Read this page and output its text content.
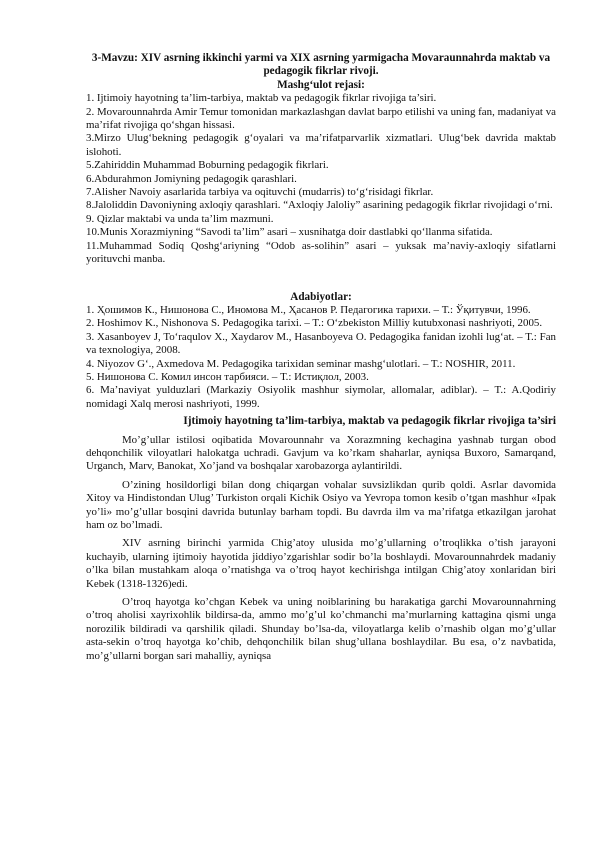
3-Mavzu: XIV asrning ikkinchi yarmi va XIX asrning yarmigacha Movaraunnahrda maktab va pedagogik fikrlar rivoji.
Mashg‘ulot rejasi:

1. Ijtimoiy hayotning ta’lim-tarbiya, maktab va pedagogik fikrlar rivojiga ta’siri.

2. Movarounnahrda Amir Temur tomonidan markazlashgan davlat barpo etilishi va uning fan, madaniyat va ma’rifat rivojiga qo‘shgan hissasi.

3.Mirzo Ulug‘bekning pedagogik g‘oyalari va ma’rifatparvarlik xizmatlari. Ulug‘bek davrida maktab islohoti.

5.Zahiriddin Muhammad Boburning pedagogik fikrlari.

6.Abdurahmon Jomiyning pedagogik qarashlari.

7.Alisher Navoiy asarlarida tarbiya va oqituvchi (mudarris) to‘g‘risidagi fikrlar.

8.Jaloliddin Davoniyning axloqiy qarashlari. “Axloqiy Jaloliy” asarining pedagogik fikrlar rivojidagi o‘rni.

9. Qizlar maktabi va unda ta’lim mazmuni.

10.Munis Xorazmiyning “Savodi ta’lim” asari – xusnihatga doir dastlabki qo‘llanma sifatida.

11.Muhammad Sodiq Qoshg‘ariyning “Odob as-solihin” asari – yuksak ma’naviy-axloqiy sifatlarni yorituvchi manba.

Adabiyotlar:

1. Ҳошимов К., Нишонова С., Иномова М., Ҳасанов Р. Педагогика тарихи. – Т.: Ўқитувчи, 1996.

2. Hoshimov K., Nishonova S. Pedagogika tarixi. – T.: O‘zbekiston Milliy kutubxonasi nashriyoti, 2005.

3. Xasanboyev J, To‘raqulov X., Xaydarov M., Hasanboyeva O. Pedagogika fanidan izohli lug‘at. – T.: Fan va texnologiya, 2008.

4. Niyozov G‘., Axmedova M. Pedagogika tarixidan seminar mashg‘ulotlari. – T.: NOSHIR, 2011.

5. Нишонова С. Комил инсон тарбияси. – Т.: Истиқлол, 2003.

6. Ma’naviyat yulduzlari (Markaziy Osiyolik mashhur siymolar, allomalar, adiblar). – T.: A.Qodiriy nomidagi Xalq merosi nashriyoti, 1999.

Ijtimoiy hayotning ta’lim-tarbiya, maktab va pedagogik fikrlar rivojiga ta’siri

Mo’g’ullar istilosi oqibatida Movarounnahr va Xorazmning kechagina yashnab turgan obod dehqonchilik viloyatlari halokatga uchradi. Gavjum va ko’rkam shaharlar, ayniqsa Buxoro, Samarqand, Urganch, Marv, Banokat, Xo’jand va boshqalar xarobazorga aylantirildi.

O’zining hosildorligi bilan dong chiqargan vohalar suvsizlikdan qurib qoldi. Asrlar davomida Xitoy va Hindistondan Ulug’ Turkiston orqali Kichik Osiyo va Yevropa tomon kesib o’tgan mashhur «Ipak yo’li» mo’g’ullar bosqini davrida butunlay barham topdi. Bu davrda ilm va ma’rifatga etkazilgan jarohat ham oz bo’lmadi.

XIV asrning birinchi yarmida Chig’atoy ulusida mo’g’ullarning o’troqlikka o’tish jarayoni kuchayib, ularning ijtimoiy hayotida jiddiyo’zgarishlar sodir bo’la boshlaydi. Movarounnahrdek madaniy o’lka bilan mustahkam aloqa o’rnatishga va o’troq hayot kechirishga intilgan Chig’atoy xonlaridan biri Kebek (1318-1326)edi.

O’troq hayotga ko’chgan Kebek va uning noiblarining bu harakatiga garchi Movarounnahrning o’troq aholisi xayrixohlik bildirsa-da, ammo mo’g’ul ko’chmanchi ma’murlarning kattagina qismi unga norozilik bildiradi va qarshilik qiladi. Shunday bo’lsa-da, viloyatlarga kelib o’rnashib olgan mo’g’ullar asta-sekin o’troq hayotga ko’chib, dehqonchilik bilan shug’ullana boshlaydilar. Bu esa, o’z navbatida, mo’g’ullarni borgan sari mahalliy, ayniqsa
